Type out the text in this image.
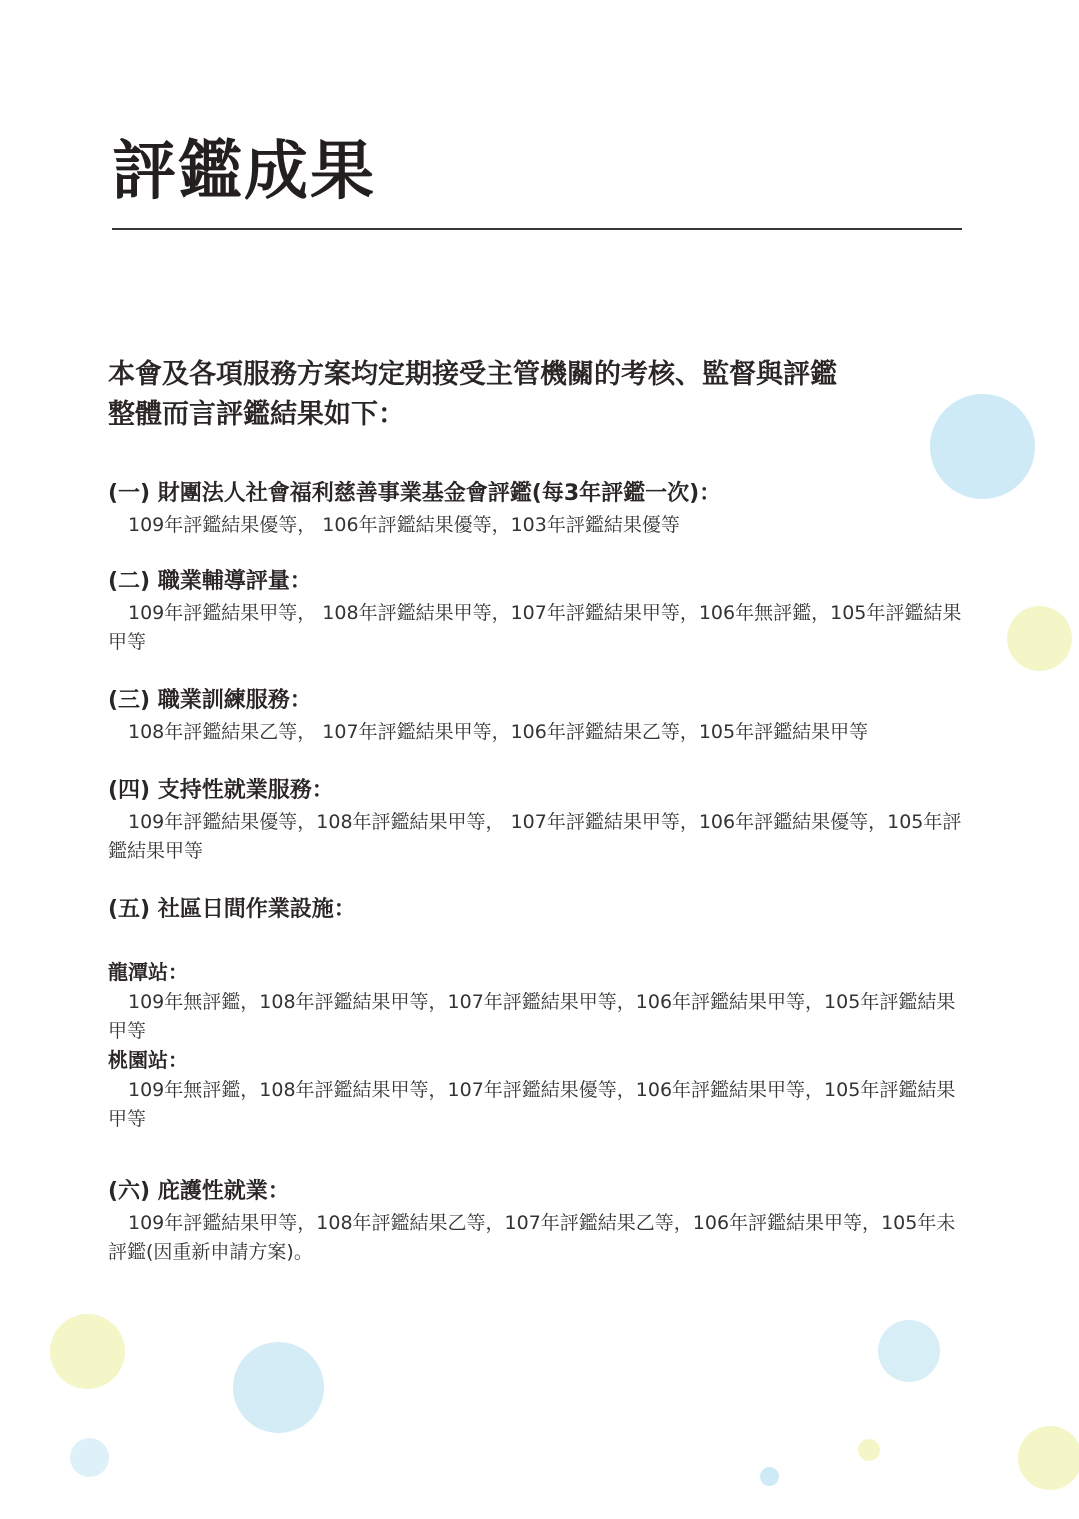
評鑑成果
本會及各項服務方案均定期接受主管機關的考核、監督與評鑑
整體而言評鑑結果如下：
(一) 財團法人社會福利慈善事業基金會評鑑(每3年評鑑一次)：
109年評鑑結果優等， 106年評鑑結果優等，103年評鑑結果優等
(二) 職業輔導評量：
109年評鑑結果甲等， 108年評鑑結果甲等，107年評鑑結果甲等，106年無評鑑，105年評鑑結果甲等
(三) 職業訓練服務：
108年評鑑結果乙等， 107年評鑑結果甲等，106年評鑑結果乙等，105年評鑑結果甲等
(四) 支持性就業服務：
109年評鑑結果優等，108年評鑑結果甲等， 107年評鑑結果甲等，106年評鑑結果優等，105年評鑑結果甲等
(五) 社區日間作業設施：
龍潭站：
109年無評鑑，108年評鑑結果甲等，107年評鑑結果甲等，106年評鑑結果甲等，105年評鑑結果甲等
桃園站：
109年無評鑑，108年評鑑結果甲等，107年評鑑結果優等，106年評鑑結果甲等，105年評鑑結果甲等
(六) 庇護性就業：
109年評鑑結果甲等，108年評鑑結果乙等，107年評鑑結果乙等，106年評鑑結果甲等，105年未評鑑(因重新申請方案)。
